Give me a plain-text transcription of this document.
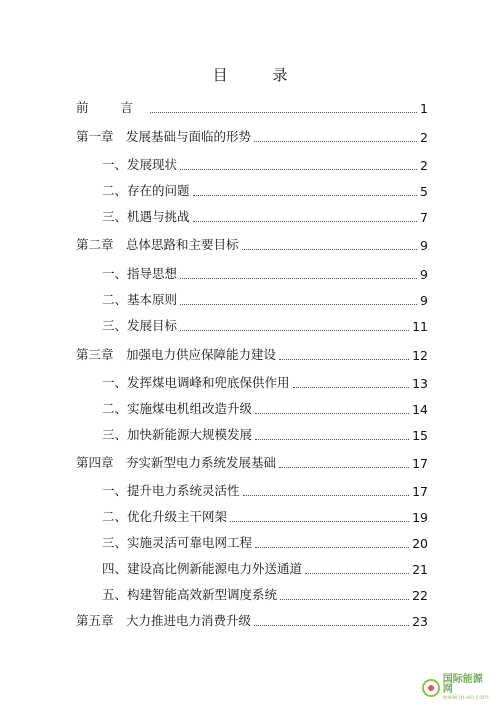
目 录
前 言	1
第一章 发展基础与面临的形势	2
一、发展现状	2
二、存在的问题	5
三、机遇与挑战	7
第二章 总体思路和主要目标	9
一、指导思想	9
二、基本原则	9
三、发展目标	11
第三章 加强电力供应保障能力建设	12
一、发挥煤电调峰和兜底保供作用	13
二、实施煤电机组改造升级	14
三、加快新能源大规模发展	15
第四章 夯实新型电力系统发展基础	17
一、提升电力系统灵活性	17
二、优化升级主干网架	19
三、实施灵活可靠电网工程	20
四、建设高比例新能源电力外送通道	21
五、构建智能高效新型调度系统	22
第五章 大力推进电力消费升级	23
国际能源网
www.in-en.com
